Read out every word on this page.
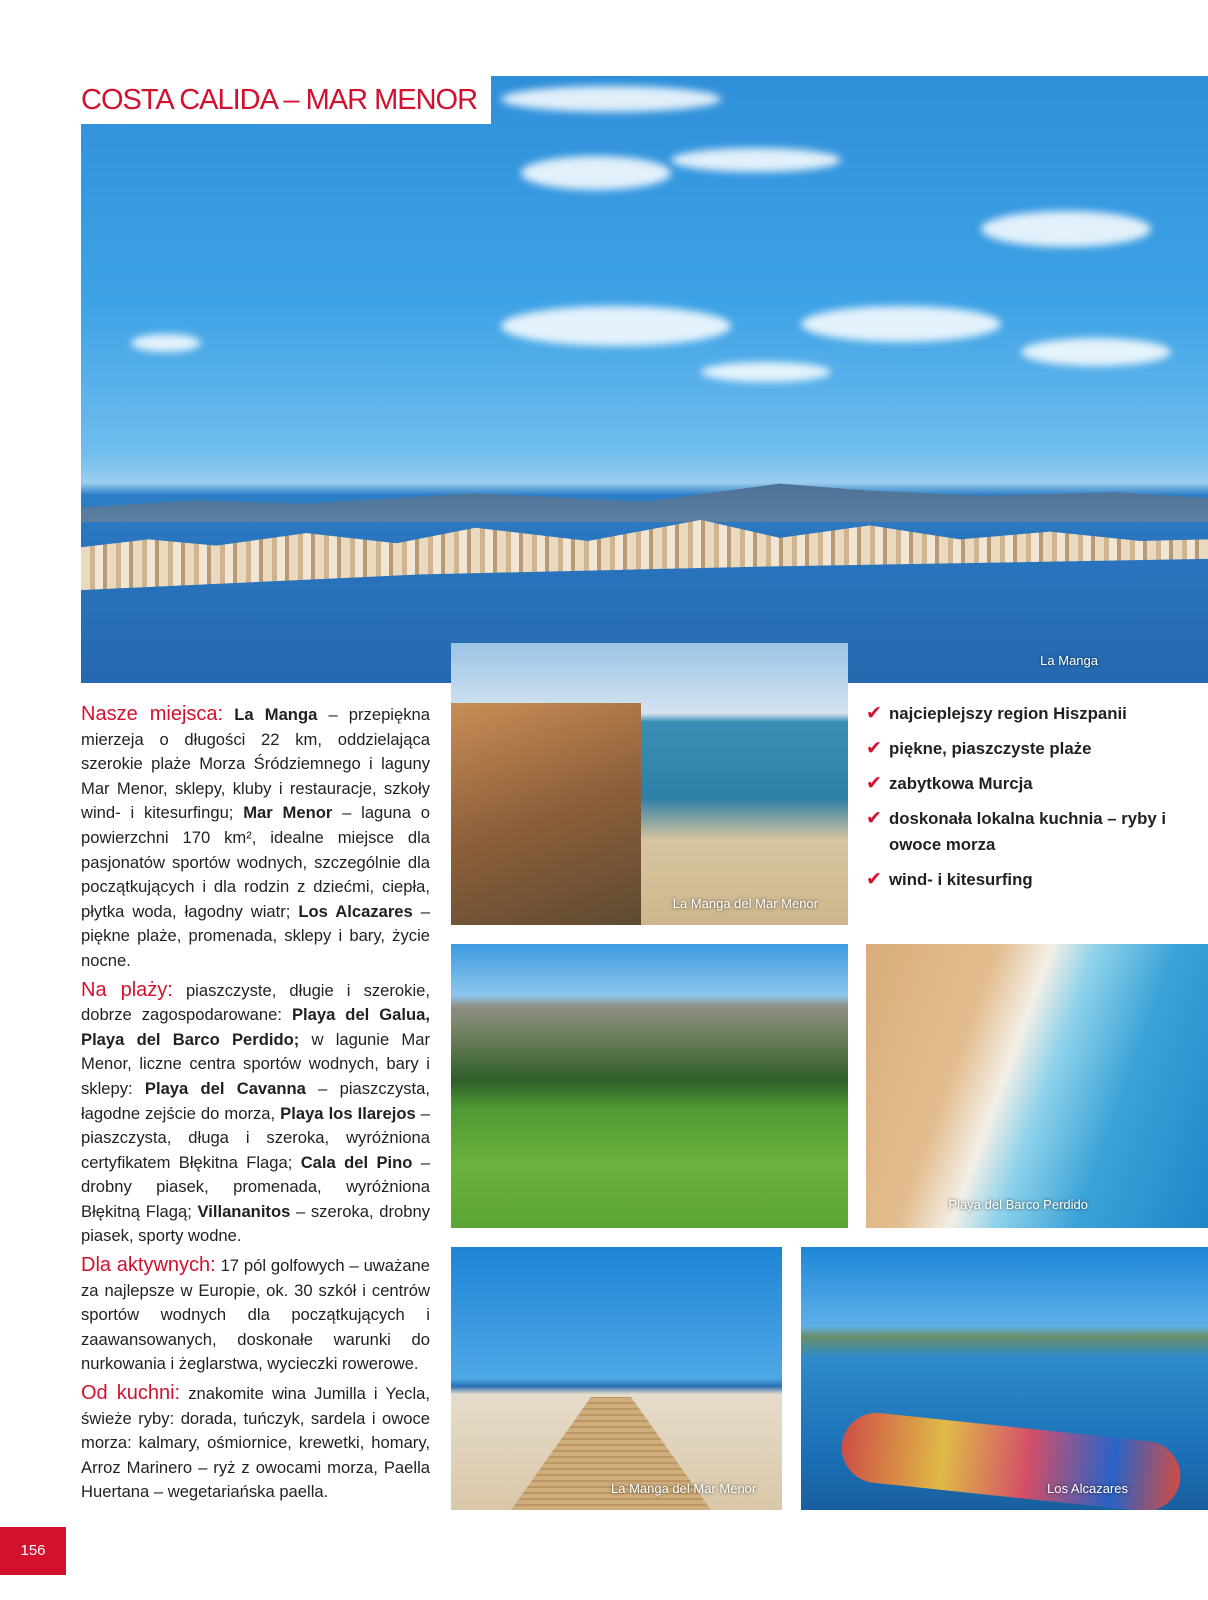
La Manga
COSTA CALIDA – MAR MENOR
La Manga del Mar Menor
Playa del Barco Perdido
La Manga del Mar Menor	Los Alcazares

Nasze miejsca: La Manga – przepiękna mierzeja o długości 22 km, oddzielająca szerokie plaże Morza Śródziemnego i laguny Mar Menor, sklepy, kluby i restauracje, szkoły wind- i kitesurfingu; Mar Menor – laguna o powierzchni 170 km², idealne miejsce dla pasjonatów sportów wodnych, szczególnie dla początkujących i dla rodzin z dziećmi, ciepła, płytka woda, łagodny wiatr; Los Alcazares – piękne plaże, promenada, sklepy i bary, życie nocne.

Na plaży: piaszczyste, długie i szerokie, dobrze zagospodarowane: Playa del Galua, Playa del Barco Perdido; w lagunie Mar Menor, liczne centra sportów wodnych, bary i sklepy: Playa del Cavanna – piaszczysta, łagodne zejście do morza, Playa los Ilarejos – piaszczysta, długa i szeroka, wyróżniona certyfikatem Błękitna Flaga; Cala del Pino – drobny piasek, promenada, wyróżniona Błękitną Flagą; Villananitos – szeroka, drobny piasek, sporty wodne.

Dla aktywnych: 17 pól golfowych – uważane za najlepsze w Europie, ok. 30 szkół i centrów sportów wodnych dla początkujących i zaawansowanych, doskonałe warunki do nurkowania i żeglarstwa, wycieczki rowerowe.

Od kuchni: znakomite wina Jumilla i Yecla, świeże ryby: dorada, tuńczyk, sardela i owoce morza: kalmary, ośmiornice, krewetki, homary, Arroz Marinero – ryż z owocami morza, Paella Huertana – wegetariańska paella.

✔ najcieplejszy region Hiszpanii
✔ piękne, piaszczyste plaże
✔ zabytkowa Murcja
✔ doskonała lokalna kuchnia – ryby i owoce morza
✔ wind- i kitesurfing
156
